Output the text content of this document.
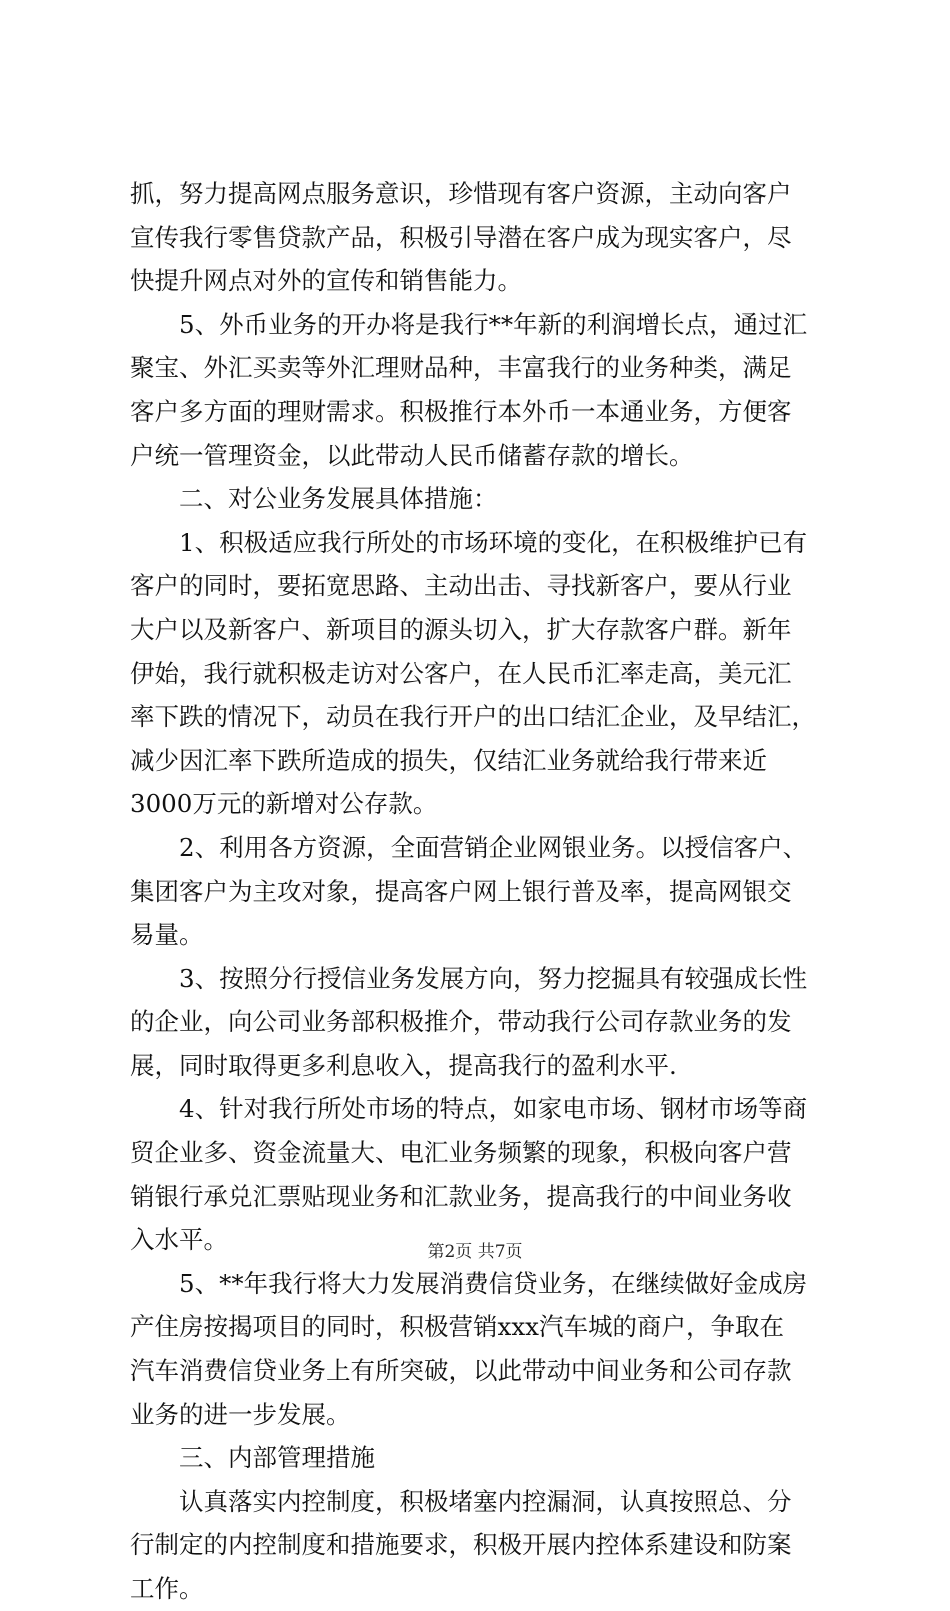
抓，努力提高网点服务意识，珍惜现有客户资源，主动向客户

宣传我行零售贷款产品，积极引导潜在客户成为现实客户，尽

快提升网点对外的宣传和销售能力。

5、外币业务的开办将是我行**年新的利润增长点，通过汇

聚宝、外汇买卖等外汇理财品种，丰富我行的业务种类，满足

客户多方面的理财需求。积极推行本外币一本通业务，方便客

户统一管理资金，以此带动人民币储蓄存款的增长。

二、对公业务发展具体措施：

1、积极适应我行所处的市场环境的变化，在积极维护已有

客户的同时，要拓宽思路、主动出击、寻找新客户，要从行业

大户以及新客户、新项目的源头切入，扩大存款客户群。新年

伊始，我行就积极走访对公客户，在人民币汇率走高，美元汇

率下跌的情况下，动员在我行开户的出口结汇企业，及早结汇，

减少因汇率下跌所造成的损失，仅结汇业务就给我行带来近

3000万元的新增对公存款。

2、利用各方资源，全面营销企业网银业务。以授信客户、

集团客户为主攻对象，提高客户网上银行普及率，提高网银交

易量。

3、按照分行授信业务发展方向，努力挖掘具有较强成长性

的企业，向公司业务部积极推介，带动我行公司存款业务的发

展，同时取得更多利息收入，提高我行的盈利水平.

4、针对我行所处市场的特点，如家电市场、钢材市场等商

贸企业多、资金流量大、电汇业务频繁的现象，积极向客户营

销银行承兑汇票贴现业务和汇款业务，提高我行的中间业务收

入水平。

5、**年我行将大力发展消费信贷业务，在继续做好金成房

产住房按揭项目的同时，积极营销xxx汽车城的商户，争取在

汽车消费信贷业务上有所突破，以此带动中间业务和公司存款

业务的进一步发展。

三、内部管理措施

认真落实内控制度，积极堵塞内控漏洞，认真按照总、分

行制定的内控制度和措施要求，积极开展内控体系建设和防案

工作。

第2页 共7页
